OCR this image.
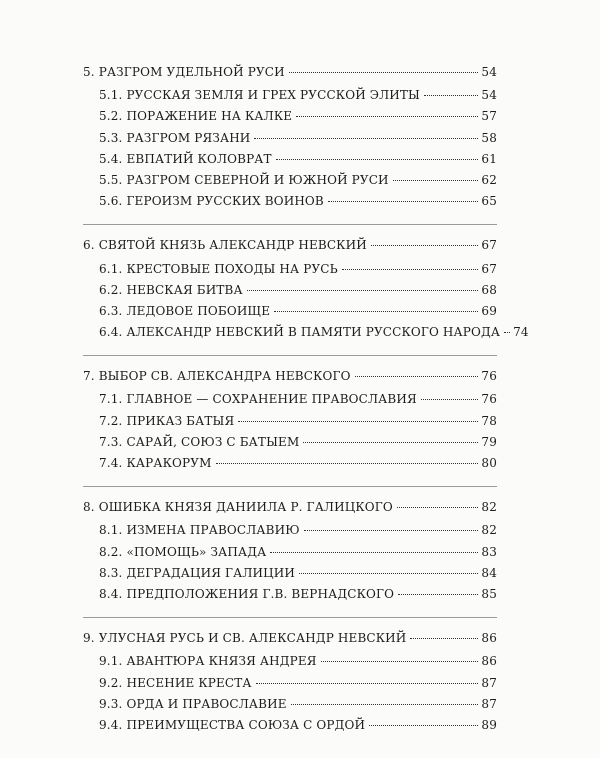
5. РАЗГРОМ УДЕЛЬНОЙ РУСИ	54
5.1. РУССКАЯ ЗЕМЛЯ И ГРЕХ РУССКОЙ ЭЛИТЫ	54
5.2. ПОРАЖЕНИЕ НА КАЛКЕ	57
5.3. РАЗГРОМ РЯЗАНИ	58
5.4. ЕВПАТИЙ КОЛОВРАТ	61
5.5. РАЗГРОМ СЕВЕРНОЙ И ЮЖНОЙ РУСИ	62
5.6. ГЕРОИЗМ РУССКИХ ВОИНОВ	65
6. СВЯТОЙ КНЯЗЬ АЛЕКСАНДР НЕВСКИЙ	67
6.1. КРЕСТОВЫЕ ПОХОДЫ НА РУСЬ	67
6.2. НЕВСКАЯ БИТВА	68
6.3. ЛЕДОВОЕ ПОБОИЩЕ	69
6.4. АЛЕКСАНДР НЕВСКИЙ В ПАМЯТИ РУССКОГО НАРОДА 74
7. ВЫБОР СВ. АЛЕКСАНДРА НЕВСКОГО	76
7.1. ГЛАВНОЕ — СОХРАНЕНИЕ ПРАВОСЛАВИЯ	76
7.2. ПРИКАЗ БАТЫЯ	78
7.3. САРАЙ, СОЮЗ С БАТЫЕМ	79
7.4. КАРАКОРУМ	80
8. ОШИБКА КНЯЗЯ ДАНИИЛА Р. ГАЛИЦКОГО	82
8.1. ИЗМЕНА ПРАВОСЛАВИЮ	82
8.2. «ПОМОЩЬ» ЗАПАДА	83
8.3. ДЕГРАДАЦИЯ ГАЛИЦИИ	84
8.4. ПРЕДПОЛОЖЕНИЯ Г.В. ВЕРНАДСКОГО	85
9. УЛУСНАЯ РУСЬ И СВ. АЛЕКСАНДР НЕВСКИЙ	86
9.1. АВАНТЮРА КНЯЗЯ АНДРЕЯ	86
9.2. НЕСЕНИЕ КРЕСТА	87
9.3. ОРДА И ПРАВОСЛАВИЕ	87
9.4. ПРЕИМУЩЕСТВА СОЮЗА С ОРДОЙ	89
